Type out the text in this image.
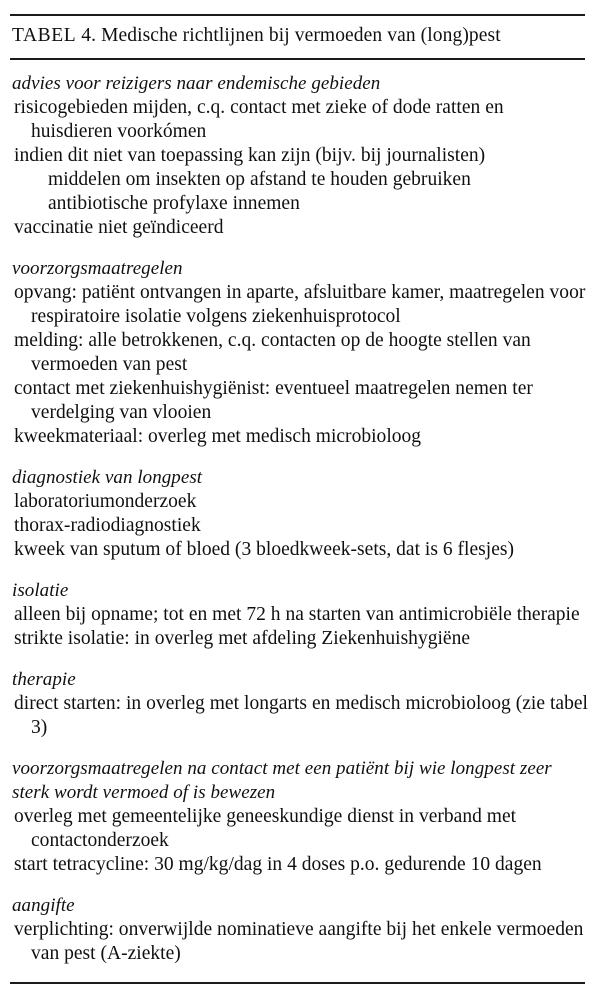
TABEL 4. Medische richtlijnen bij vermoeden van (long)pest
advies voor reizigers naar endemische gebieden
risicogebieden mijden, c.q. contact met zieke of dode ratten en huisdieren voorkómen
indien dit niet van toepassing kan zijn (bijv. bij journalisten)
middelen om insekten op afstand te houden gebruiken
antibiotische profylaxe innemen
vaccinatie niet geïndiceerd
voorzorgsmaatregelen
opvang: patiënt ontvangen in aparte, afsluitbare kamer, maatregelen voor respiratoire isolatie volgens ziekenhuisprotocol
melding: alle betrokkenen, c.q. contacten op de hoogte stellen van vermoeden van pest
contact met ziekenhuishygiënist: eventueel maatregelen nemen ter verdelging van vlooien
kweekmateriaal: overleg met medisch microbioloog
diagnostiek van longpest
laboratoriumonderzoek
thorax-radiodiagnostiek
kweek van sputum of bloed (3 bloedkweek-sets, dat is 6 flesjes)
isolatie
alleen bij opname; tot en met 72 h na starten van antimicrobiële therapie
strikte isolatie: in overleg met afdeling Ziekenhuishygiëne
therapie
direct starten: in overleg met longarts en medisch microbioloog (zie tabel 3)
voorzorgsmaatregelen na contact met een patiënt bij wie longpest zeer sterk wordt vermoed of is bewezen
overleg met gemeentelijke geneeskundige dienst in verband met contactonderzoek
start tetracycline: 30 mg/kg/dag in 4 doses p.o. gedurende 10 dagen
aangifte
verplichting: onverwijlde nominatieve aangifte bij het enkele vermoeden van pest (A-ziekte)
